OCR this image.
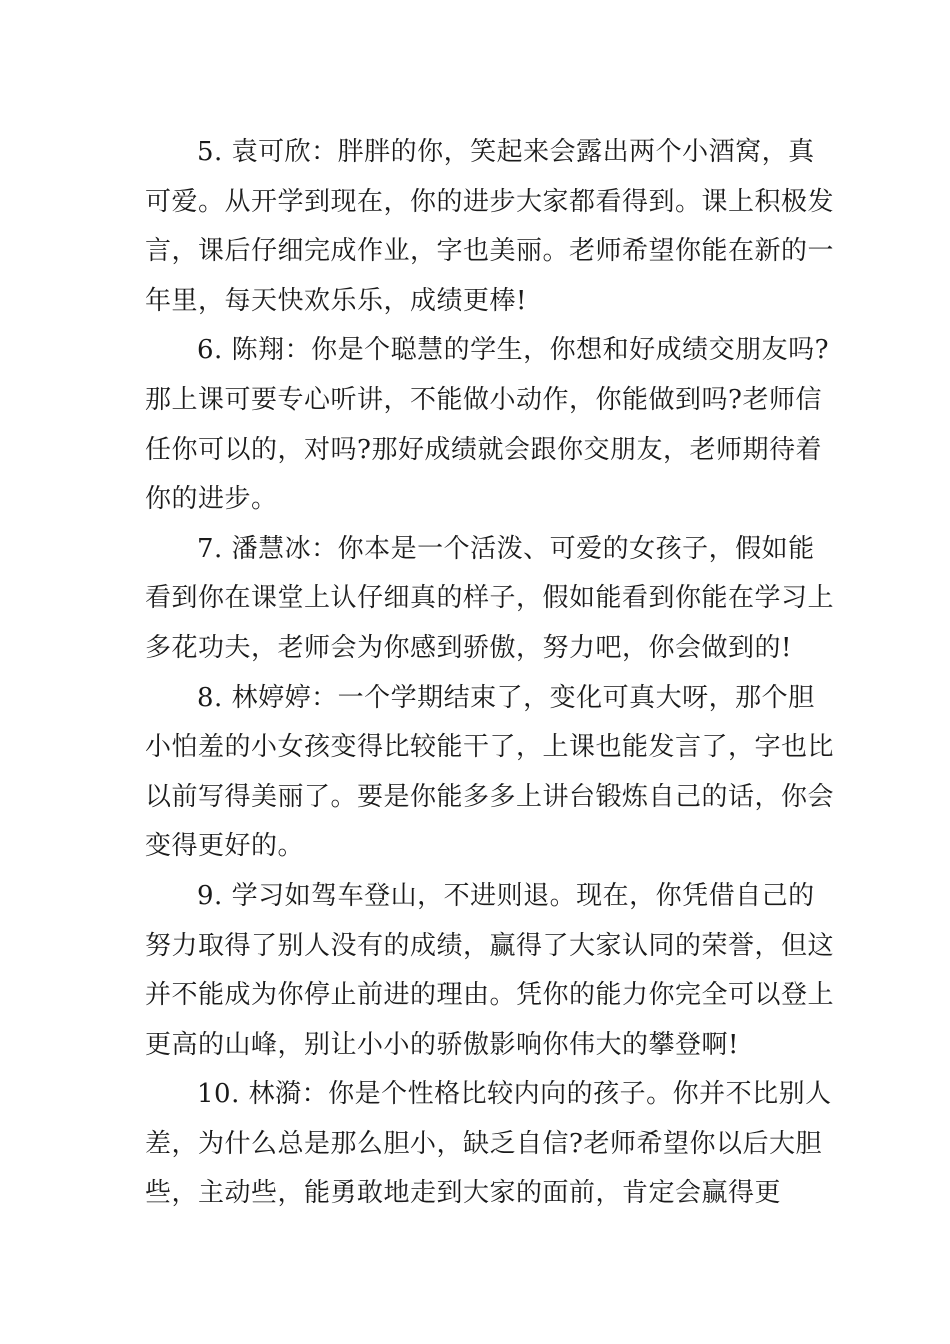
5. 袁可欣：胖胖的你，笑起来会露出两个小酒窝，真可爱。从开学到现在，你的进步大家都看得到。课上积极发言，课后仔细完成作业，字也美丽。老师希望你能在新的一年里，每天快欢乐乐，成绩更棒!

6. 陈翔：你是个聪慧的学生，你想和好成绩交朋友吗?那上课可要专心听讲，不能做小动作，你能做到吗?老师信任你可以的，对吗?那好成绩就会跟你交朋友，老师期待着你的进步。

7. 潘慧冰：你本是一个活泼、可爱的女孩子，假如能看到你在课堂上认仔细真的样子，假如能看到你能在学习上多花功夫，老师会为你感到骄傲，努力吧，你会做到的!

8. 林婷婷：一个学期结束了，变化可真大呀，那个胆小怕羞的小女孩变得比较能干了，上课也能发言了，字也比以前写得美丽了。要是你能多多上讲台锻炼自己的话，你会变得更好的。

9. 学习如驾车登山，不进则退。现在，你凭借自己的努力取得了别人没有的成绩，赢得了大家认同的荣誉，但这并不能成为你停止前进的理由。凭你的能力你完全可以登上更高的山峰，别让小小的骄傲影响你伟大的攀登啊!

10. 林漪：你是个性格比较内向的孩子。你并不比别人差，为什么总是那么胆小，缺乏自信?老师希望你以后大胆些，主动些，能勇敢地走到大家的面前，肯定会赢得更
